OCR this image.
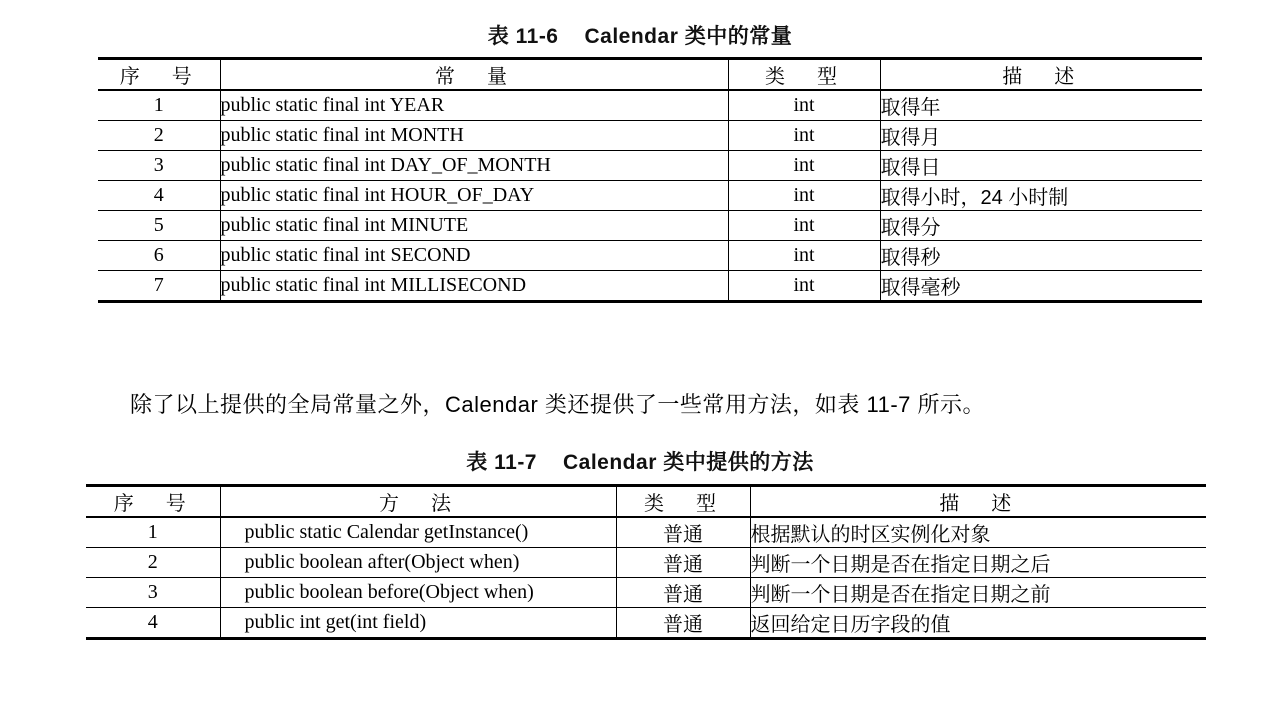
表 11-6 Calendar 类中的常量
序　号	常　量	类　型	描　述
1	public static final int YEAR	int	取得年
2	public static final int MONTH	int	取得月
3	public static final int DAY_OF_MONTH	int	取得日
4	public static final int HOUR_OF_DAY	int	取得小时，24 小时制
5	public static final int MINUTE	int	取得分
6	public static final int SECOND	int	取得秒
7	public static final int MILLISECOND	int	取得毫秒
除了以上提供的全局常量之外，Calendar 类还提供了一些常用方法，如表 11-7 所示。
表 11-7 Calendar 类中提供的方法
序　号	方　法	类　型	描　述
1	public static Calendar getInstance()	普通	根据默认的时区实例化对象
2	public boolean after(Object when)	普通	判断一个日期是否在指定日期之后
3	public boolean before(Object when)	普通	判断一个日期是否在指定日期之前
4	public int get(int field)	普通	返回给定日历字段的值
